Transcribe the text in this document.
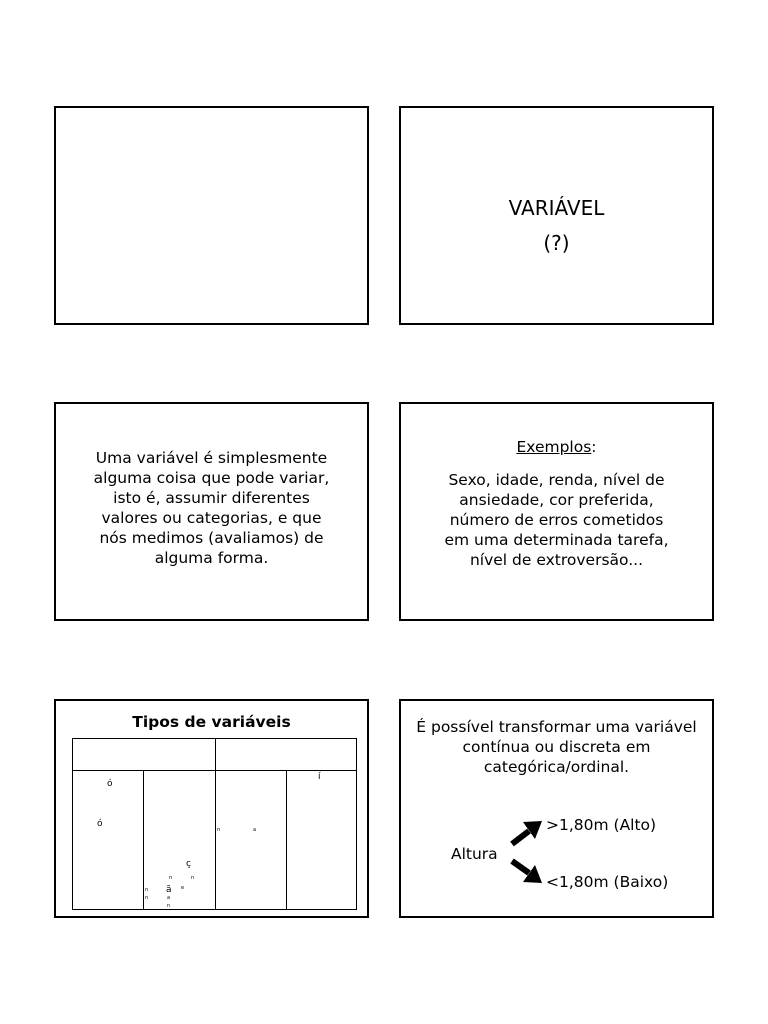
VARIÁVEL
(?)
Uma variável é simplesmente
alguma coisa que pode variar,
isto é, assumir diferentes
valores ou categorias, e que
nós medimos (avaliamos) de
alguma forma.
Exemplos:
Sexo, idade, renda, nível de
ansiedade, cor preferida,
número de erros cometidos
em uma determinada tarefa,
nível de extroversão...
Tipos de variáveis
ó
ó
í
ç
ã
n	a
n	n
e
n
n	a
n
É possível transformar uma variável
contínua ou discreta em
categórica/ordinal.
Altura
>1,80m (Alto)
<1,80m (Baixo)
